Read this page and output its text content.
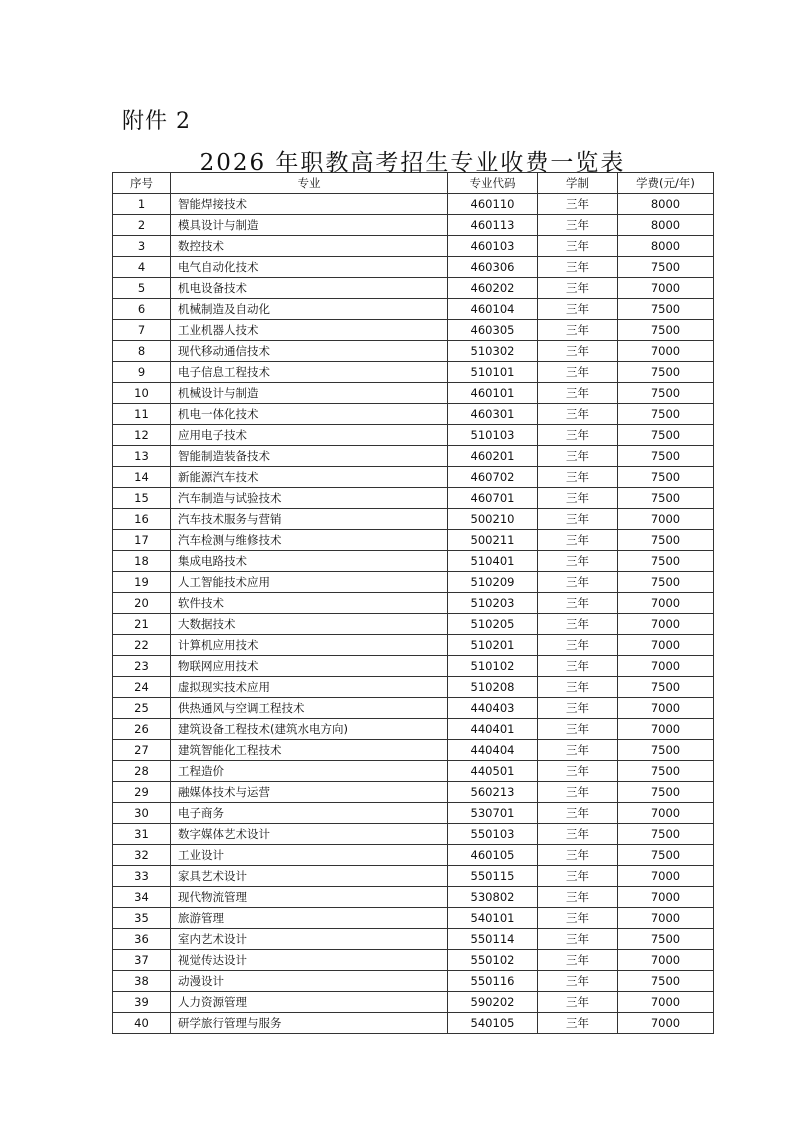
附件 2
2026 年职教高考招生专业收费一览表
序号	专业	专业代码	学制	学费(元/年)
1	智能焊接技术	460110	三年	8000
2	模具设计与制造	460113	三年	8000
3	数控技术	460103	三年	8000
4	电气自动化技术	460306	三年	7500
5	机电设备技术	460202	三年	7000
6	机械制造及自动化	460104	三年	7500
7	工业机器人技术	460305	三年	7500
8	现代移动通信技术	510302	三年	7000
9	电子信息工程技术	510101	三年	7500
10	机械设计与制造	460101	三年	7500
11	机电一体化技术	460301	三年	7500
12	应用电子技术	510103	三年	7500
13	智能制造装备技术	460201	三年	7500
14	新能源汽车技术	460702	三年	7500
15	汽车制造与试验技术	460701	三年	7500
16	汽车技术服务与营销	500210	三年	7000
17	汽车检测与维修技术	500211	三年	7500
18	集成电路技术	510401	三年	7500
19	人工智能技术应用	510209	三年	7500
20	软件技术	510203	三年	7000
21	大数据技术	510205	三年	7000
22	计算机应用技术	510201	三年	7000
23	物联网应用技术	510102	三年	7000
24	虚拟现实技术应用	510208	三年	7500
25	供热通风与空调工程技术	440403	三年	7000
26	建筑设备工程技术(建筑水电方向)	440401	三年	7000
27	建筑智能化工程技术	440404	三年	7500
28	工程造价	440501	三年	7500
29	融媒体技术与运营	560213	三年	7500
30	电子商务	530701	三年	7000
31	数字媒体艺术设计	550103	三年	7500
32	工业设计	460105	三年	7500
33	家具艺术设计	550115	三年	7000
34	现代物流管理	530802	三年	7000
35	旅游管理	540101	三年	7000
36	室内艺术设计	550114	三年	7500
37	视觉传达设计	550102	三年	7000
38	动漫设计	550116	三年	7500
39	人力资源管理	590202	三年	7000
40	研学旅行管理与服务	540105	三年	7000
